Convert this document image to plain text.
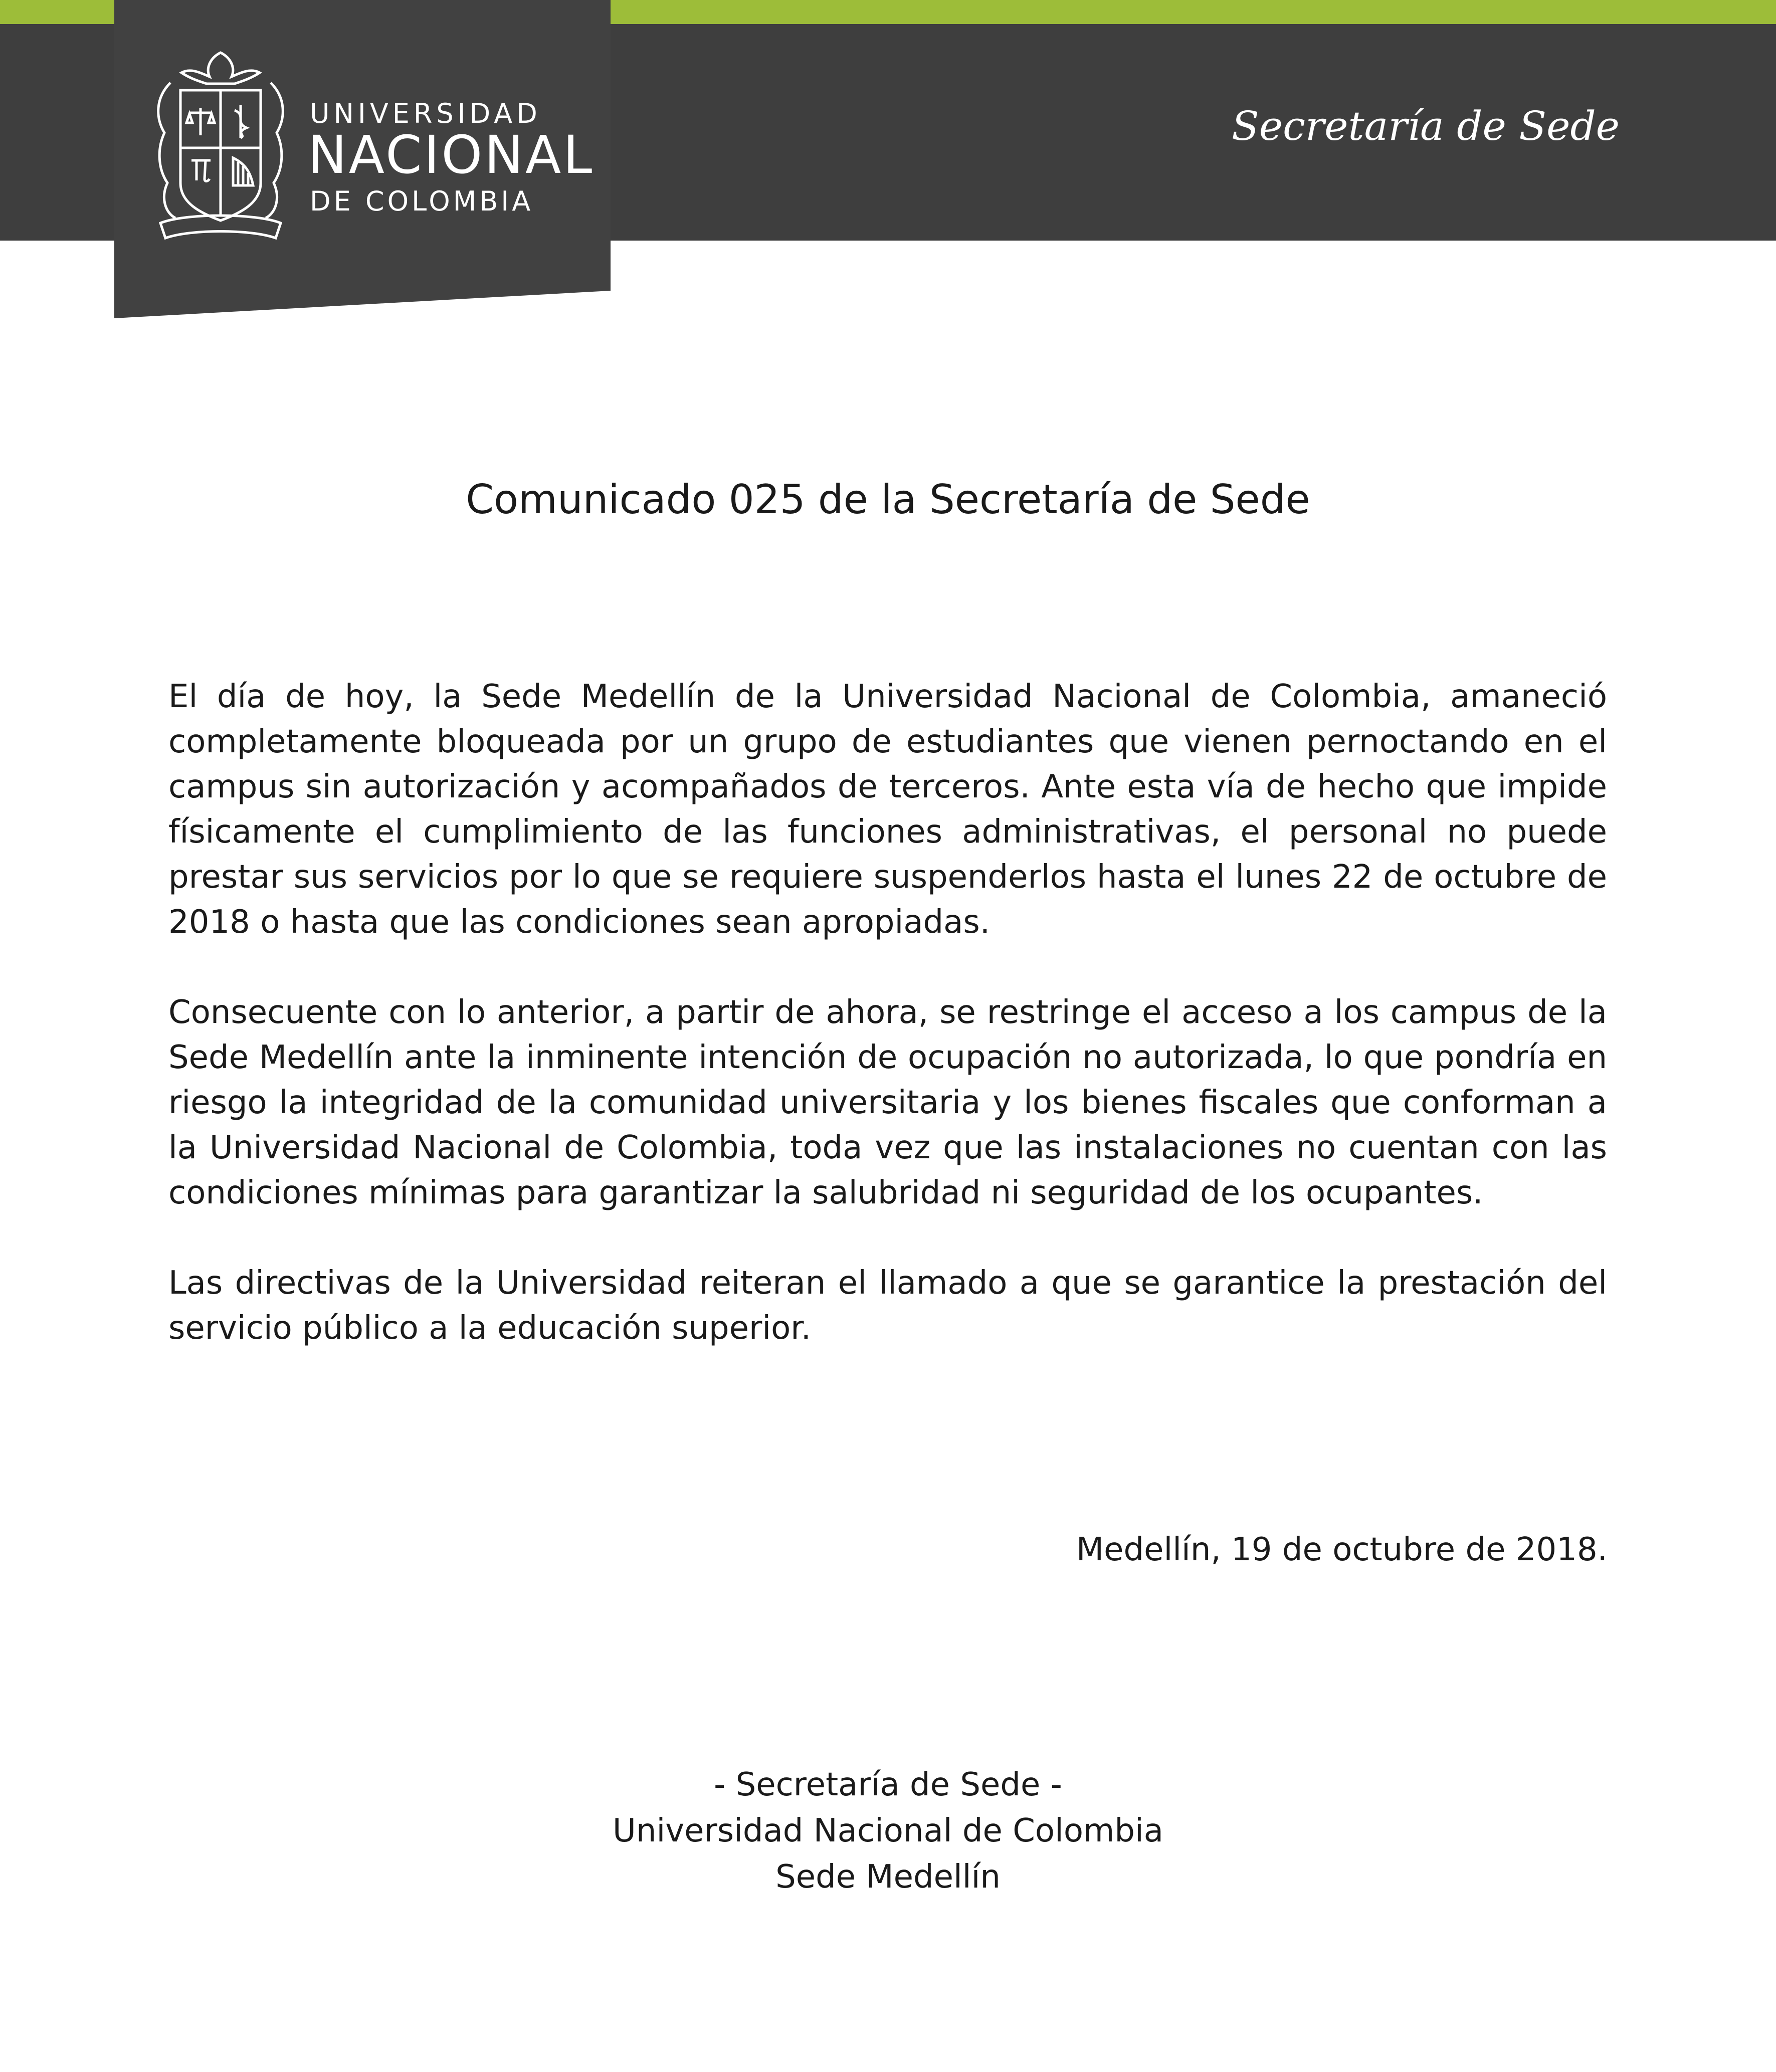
UNIVERSIDAD
NACIONAL
DE COLOMBIA
Secretaría de Sede
Comunicado 025 de la Secretaría de Sede

El día de hoy, la Sede Medellín de la Universidad Nacional de Colombia, amaneció completamente bloqueada por un grupo de estudiantes que vienen pernoctando en el campus sin autorización y acompañados de terceros. Ante esta vía de hecho que impide físicamente el cumplimiento de las funciones administrativas, el personal no puede prestar sus servicios por lo que se requiere suspenderlos hasta el lunes 22 de octubre de 2018 o hasta que las condiciones sean apropiadas.

Consecuente con lo anterior, a partir de ahora, se restringe el acceso a los campus de la Sede Medellín ante la inminente intención de ocupación no autorizada, lo que pondría en riesgo la integridad de la comunidad universitaria y los bienes fiscales que conforman a la Universidad Nacional de Colombia, toda vez que las instalaciones no cuentan con las condiciones mínimas para garantizar la salubridad ni seguridad de los ocupantes.

Las directivas de la Universidad reiteran el llamado a que se garantice la prestación del servicio público a la educación superior.

Medellín, 19 de octubre de 2018.
- Secretaría de Sede -
Universidad Nacional de Colombia
Sede Medellín
